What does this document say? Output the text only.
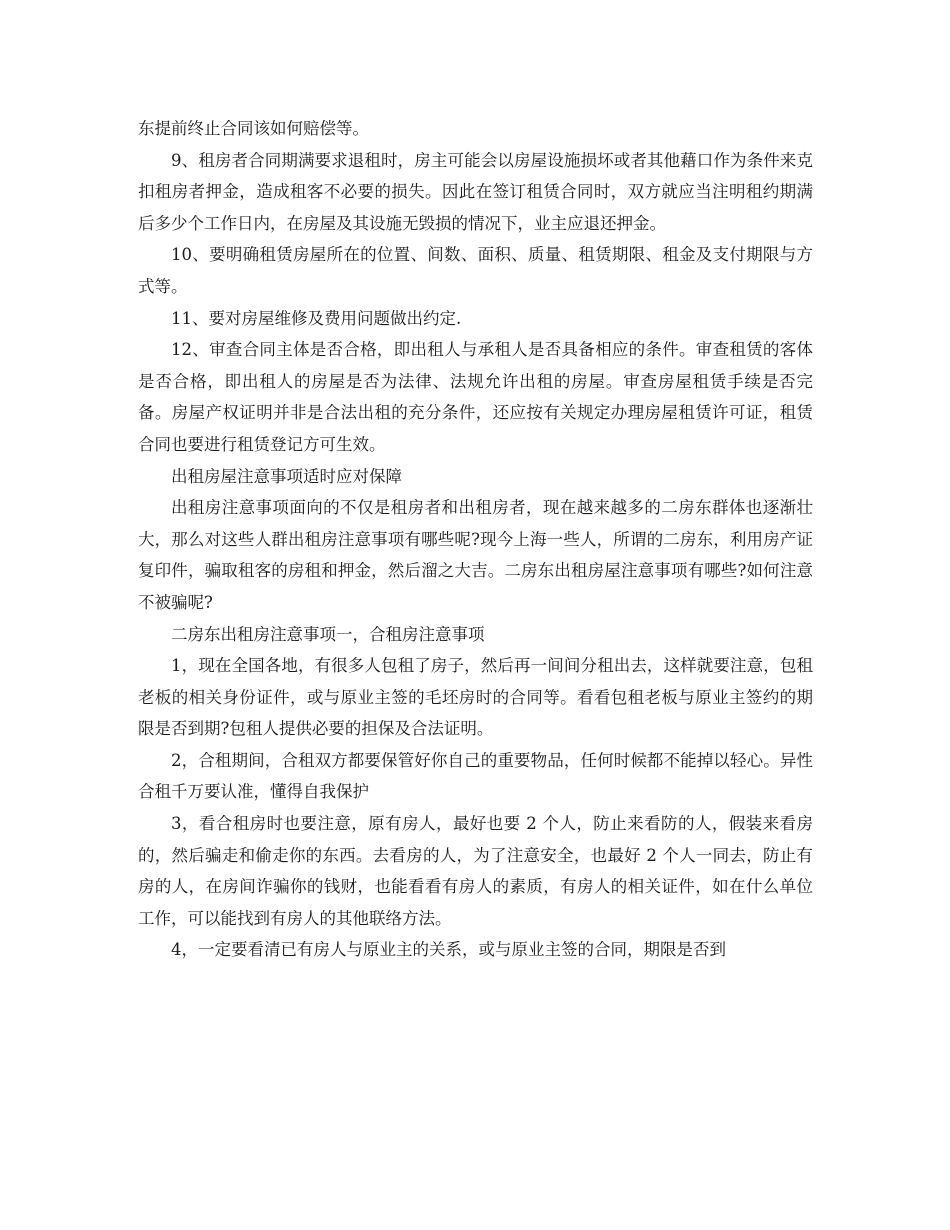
东提前终止合同该如何赔偿等。

9、租房者合同期满要求退租时，房主可能会以房屋设施损坏或者其他藉口作为条件来克扣租房者押金，造成租客不必要的损失。因此在签订租赁合同时，双方就应当注明租约期满后多少个工作日内，在房屋及其设施无毁损的情况下，业主应退还押金。

10、要明确租赁房屋所在的位置、间数、面积、质量、租赁期限、租金及支付期限与方式等。

11、要对房屋维修及费用问题做出约定.

12、审查合同主体是否合格，即出租人与承租人是否具备相应的条件。审查租赁的客体是否合格，即出租人的房屋是否为法律、法规允许出租的房屋。审查房屋租赁手续是否完备。房屋产权证明并非是合法出租的充分条件，还应按有关规定办理房屋租赁许可证，租赁合同也要进行租赁登记方可生效。

出租房屋注意事项适时应对保障

出租房注意事项面向的不仅是租房者和出租房者，现在越来越多的二房东群体也逐渐壮大，那么对这些人群出租房注意事项有哪些呢?现今上海一些人，所谓的二房东，利用房产证复印件，骗取租客的房租和押金，然后溜之大吉。二房东出租房屋注意事项有哪些?如何注意不被骗呢?

二房东出租房注意事项一，合租房注意事项

1，现在全国各地，有很多人包租了房子，然后再一间间分租出去，这样就要注意，包租老板的相关身份证件，或与原业主签的毛坯房时的合同等。看看包租老板与原业主签约的期限是否到期?包租人提供必要的担保及合法证明。

2，合租期间，合租双方都要保管好你自己的重要物品，任何时候都不能掉以轻心。异性合租千万要认准，懂得自我保护

3，看合租房时也要注意，原有房人，最好也要 2 个人，防止来看防的人，假装来看房的，然后骗走和偷走你的东西。去看房的人，为了注意安全，也最好 2 个人一同去，防止有房的人，在房间诈骗你的钱财，也能看看有房人的素质，有房人的相关证件，如在什么单位工作，可以能找到有房人的其他联络方法。

4，一定要看清已有房人与原业主的关系，或与原业主签的合同，期限是否到
